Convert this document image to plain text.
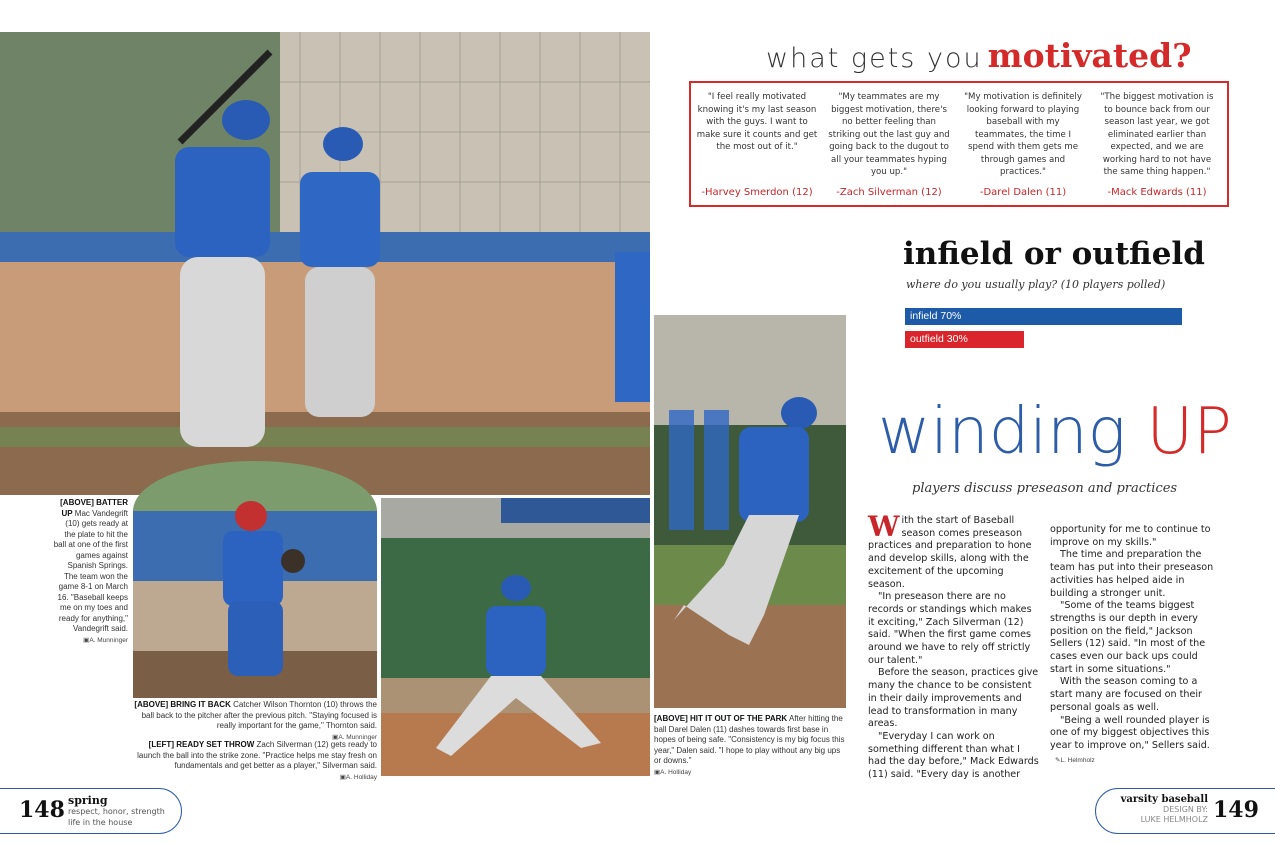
[ABOVE] BATTER UP Mac Vandegrift (10) gets ready at the plate to hit the ball at one of the first games against Spanish Springs. The team won the game 8-1 on March 16. "Baseball keeps me on my toes and ready for anything," Vandegrift said.
▣A. Munninger
[ABOVE] BRING IT BACK Catcher Wilson Thornton (10) throws the ball back to the pitcher after the previous pitch. "Staying focused is really important for the game," Thornton said.
▣A. Munninger
[LEFT] READY SET THROW Zach Silverman (12) gets ready to launch the ball into the strike zone. "Practice helps me stay fresh on fundamentals and get better as a player," Silverman said.
▣A. Holliday
[ABOVE] HIT IT OUT OF THE PARK After hitting the ball Darel Dalen (11) dashes towards first base in hopes of being safe. "Consistency is my big focus this year," Dalen said. "I hope to play without any big ups or downs."
▣A. Holliday
what gets you motivated?
"I feel really motivated knowing it's my last season with the guys. I want to make sure it counts and get the most out of it."
"My teammates are my biggest motivation, there's no better feeling than striking out the last guy and going back to the dugout to all your teammates hyping you up."
"My motivation is definitely looking forward to playing baseball with my teammates, the time I spend with them gets me through games and practices."
"The biggest motivation is to bounce back from our season last year, we got eliminated earlier than expected, and we are working hard to not have the same thing happen."
-Harvey Smerdon (12)	-Zach Silverman (12)	-Darel Dalen (11)	-Mack Edwards (11)
infield or outfield
where do you usually play? (10 players polled)
infield 70%
outfield 30%
winding UP
players discuss preseason and practices

With the start of Baseball season comes preseason practices and preparation to hone and develop skills, along with the excitement of the upcoming season.

"In preseason there are no records or standings which makes it exciting," Zach Silverman (12) said. "When the first game comes around we have to rely off strictly our talent."

Before the season, practices give many the chance to be consistent in their daily improvements and lead to transformation in many areas.

"Everyday I can work on something different than what I had the day before," Mack Edwards (11) said. "Every day is another

opportunity for me to continue to improve on my skills."

The time and preparation the team has put into their preseason activities has helped aide in building a stronger unit.

"Some of the teams biggest strengths is our depth in every position on the field," Jackson Sellers (12) said. "In most of the cases even our back ups could start in some situations."

With the season coming to a start many are focused on their personal goals as well.

"Being a well rounded player is one of my biggest objectives this year to improve on," Sellers said.

✎L. Helmholz
148 spring
respect, honor, strength
life in the house
varsity baseball
DESIGN BY:
LUKE HELMHOLZ 149
